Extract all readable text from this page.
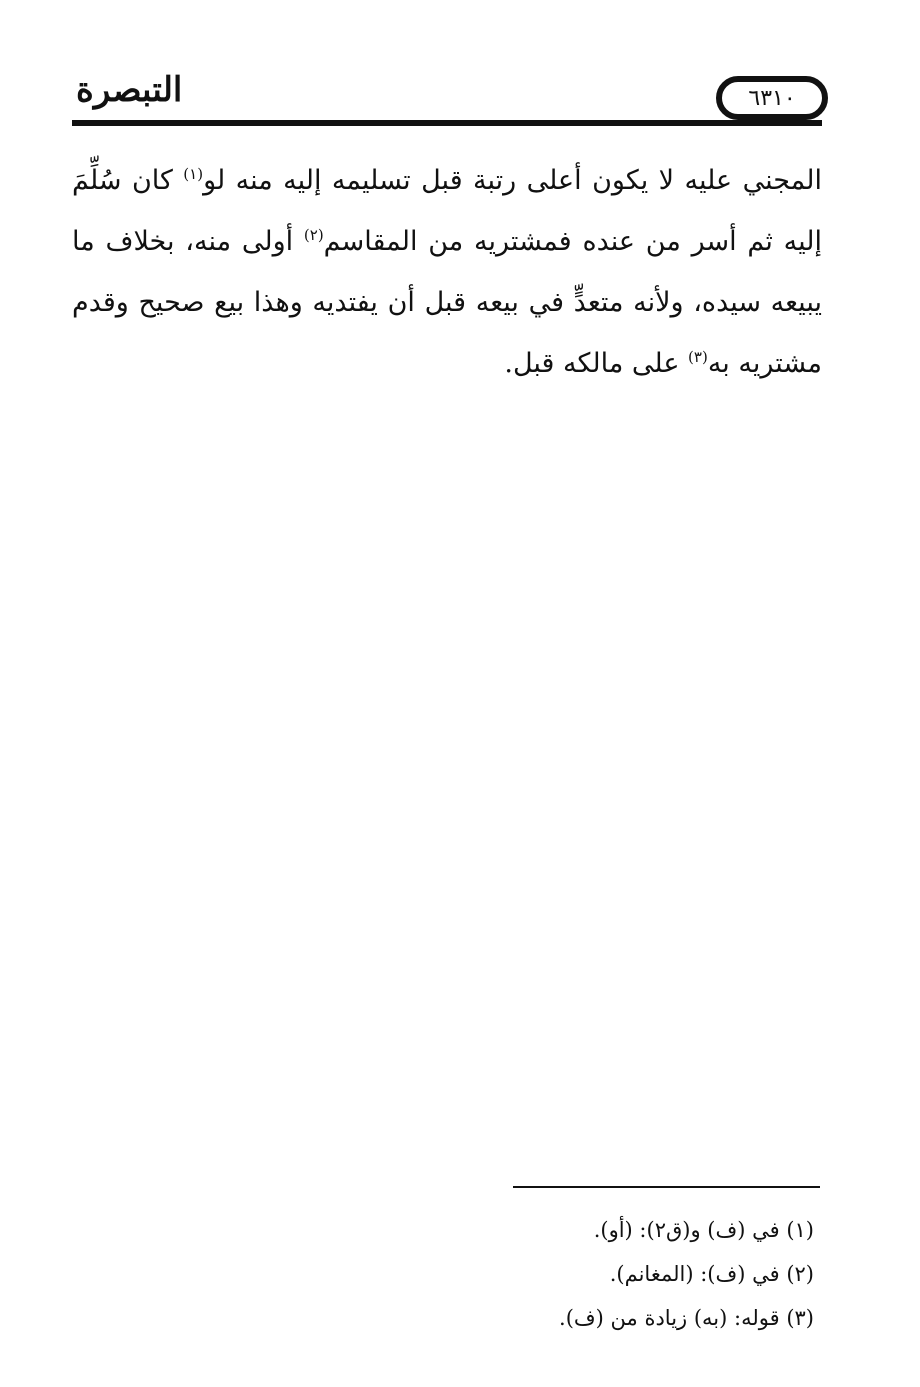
٦٣١٠
التبصرة

المجني عليه لا يكون أعلى رتبة قبل تسليمه إليه منه لو$^{(١)}$ كان سُلِّمَ إليه ثم أسر من عنده فمشتريه من المقاسم$^{(٢)}$ أولى منه، بخلاف ما يبيعه سيده، ولأنه متعدٍّ في بيعه قبل أن يفتديه وهذا بيع صحيح وقدم مشتريه به$^{(٣)}$ على مالكه قبل.

(١) في (ف) و(ق٢): (أو).
(٢) في (ف): (المغانم).
(٣) قوله: (به) زيادة من (ف).
